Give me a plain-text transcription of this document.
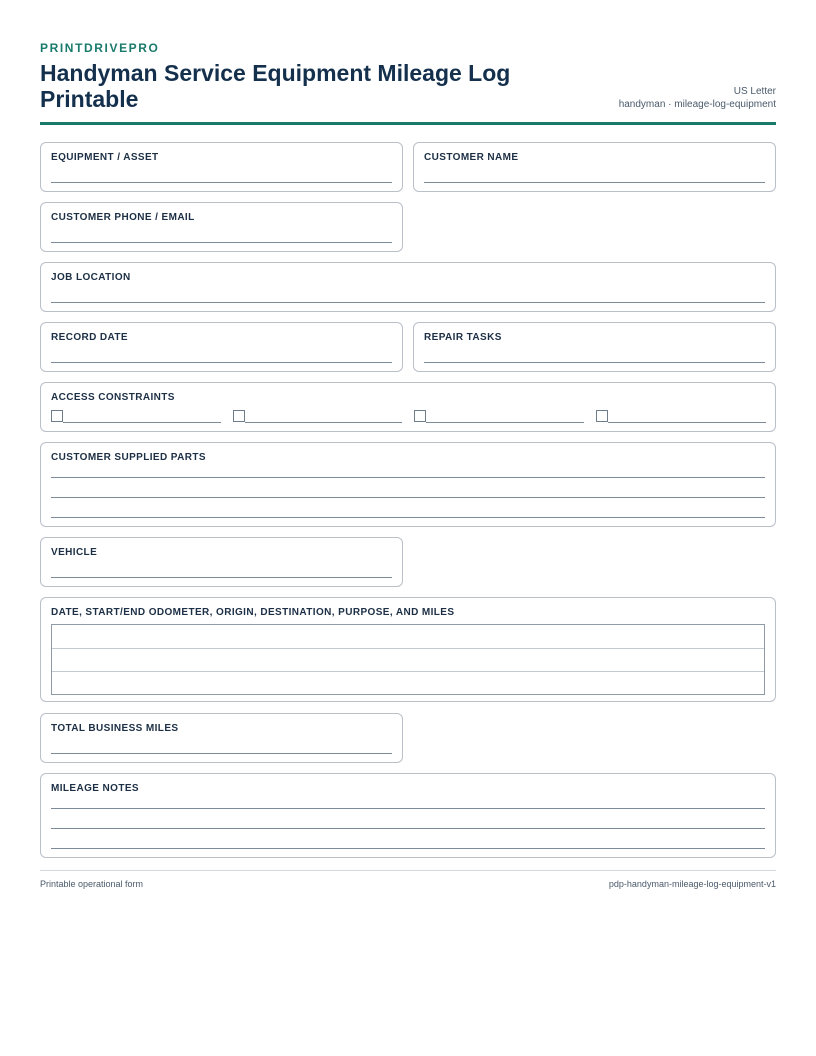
PRINTDRIVEPRO
Handyman Service Equipment Mileage Log Printable	US Letter
handyman · mileage-log-equipment
EQUIPMENT / ASSET	CUSTOMER NAME
CUSTOMER PHONE / EMAIL
JOB LOCATION
RECORD DATE	REPAIR TASKS
ACCESS CONSTRAINTS
CUSTOMER SUPPLIED PARTS
VEHICLE
DATE, START/END ODOMETER, ORIGIN, DESTINATION, PURPOSE, AND MILES
TOTAL BUSINESS MILES
MILEAGE NOTES
Printable operational form	pdp-handyman-mileage-log-equipment-v1
